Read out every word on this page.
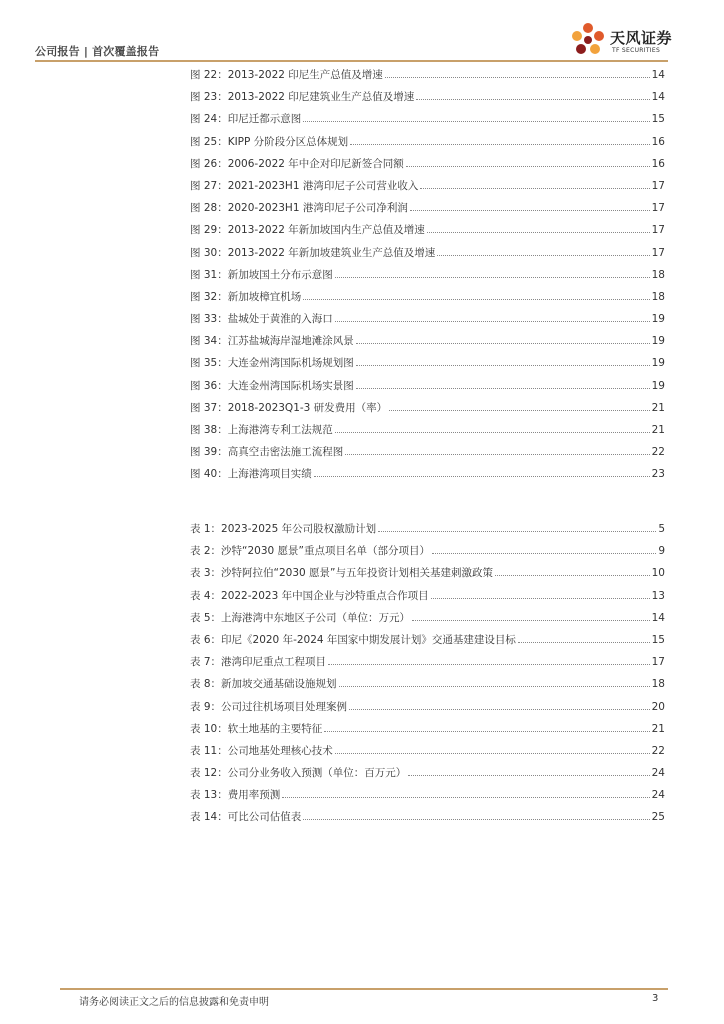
公司报告 | 首次覆盖报告
天风证券
TF SECURITIES
图 22：2013-2022 印尼生产总值及增速	14
图 23：2013-2022 印尼建筑业生产总值及增速	14
图 24：印尼迁都示意图	15
图 25：KIPP 分阶段分区总体规划	16
图 26：2006-2022 年中企对印尼新签合同额	16
图 27：2021-2023H1 港湾印尼子公司营业收入	17
图 28：2020-2023H1 港湾印尼子公司净利润	17
图 29：2013-2022 年新加坡国内生产总值及增速	17
图 30：2013-2022 年新加坡建筑业生产总值及增速	17
图 31：新加坡国土分布示意图	18
图 32：新加坡樟宜机场	18
图 33：盐城处于黄淮的入海口	19
图 34：江苏盐城海岸湿地滩涂风景	19
图 35：大连金州湾国际机场规划图	19
图 36：大连金州湾国际机场实景图	19
图 37：2018-2023Q1-3 研发费用（率）	21
图 38：上海港湾专利工法规范	21
图 39：高真空击密法施工流程图	22
图 40：上海港湾项目实绩	23
表 1：2023-2025 年公司股权激励计划	5
表 2：沙特“2030 愿景”重点项目名单（部分项目）	9
表 3：沙特阿拉伯“2030 愿景”与五年投资计划相关基建刺激政策	10
表 4：2022-2023 年中国企业与沙特重点合作项目	13
表 5：上海港湾中东地区子公司（单位：万元）	14
表 6：印尼《2020 年-2024 年国家中期发展计划》交通基建建设目标	15
表 7：港湾印尼重点工程项目	17
表 8：新加坡交通基础设施规划	18
表 9：公司过往机场项目处理案例	20
表 10：软土地基的主要特征	21
表 11：公司地基处理核心技术	22
表 12：公司分业务收入预测（单位：百万元）	24
表 13：费用率预测	24
表 14：可比公司估值表	25
请务必阅读正文之后的信息披露和免责申明	3
